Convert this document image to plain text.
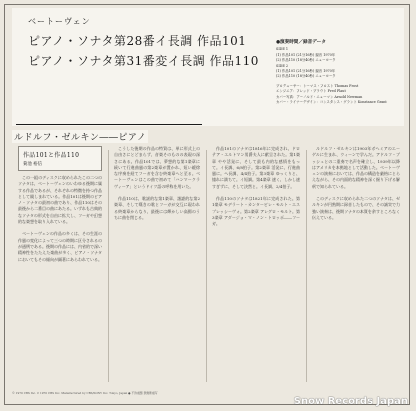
ベートーヴェン
ピアノ・ソナタ第28番イ長調 作品101
ピアノ・ソナタ第31番変イ長調 作品110
●演奏時間／録音データ
SIDE 1
(1) 作品101 (21分16秒) 録音 1970年
(2) 作品110 (18分40秒) ニューヨーク
SIDE 2
(1) 作品101 (21分16秒) 録音 1970年
(2) 作品110 (18分40秒) ニューヨーク
プロデューサー：トーマス・フロスト Thomas Frost
エンジニア：フレッド・プラウト Fred Plaut
カバー写真：アーノルド・ニューマン Arnold Newman
カバー・ライナーデザイン：コンスタンス・グラント Konstance Grant
ルドルフ・ゼルキン――ピアノ
作品101と作品110
菊池 裕信

この一組のディスクに収められたこの二つのソナタは、ベートーヴェンのいわゆる後期に属する作品であるが、それぞれの特徴を持つ作品として親しまれている。作品101は後期のピアノ・ソナタの最初の曲であり、作品110はその最後から二番目の曲にあたる。いずれも古典的なソナタの形式を自由に拡大し、フーガや幻想的な楽想を取り入れている。

ベートーヴェンの作品の多くは、その生涯の作風の変化によって三つの時期に区分されるのが通例である。後期の作品には、内省的で深い精神性をたたえた楽曲が多く、ピアノ・ソナタにおいてもその傾向が顕著にあらわれている。

こうした後期の作品の特質は、単に形式上の自由さにとどまらず、音楽そのものの表現の深さにある。作品101では、夢想的な第1楽章に続いて行進曲風の第2楽章が置かれ、短い緩徐な序奏を経てフーガを含む終楽章へと至る。ベートーヴェンはこの曲で初めて「ハンマークラヴィーア」というドイツ語の呼称を用いた。

作品110は、歌謡的な第1楽章、諧謔的な第2楽章、そして嘆きの歌とフーガが交互に現われる終楽章からなり、最後には輝かしい高揚のうちに曲を閉じる。

作品101のソナタは1816年に完成され、ドロテア・エルトマン男爵夫人に献呈された。第1楽章 やや活発に、そして最も内的な感情をもって。イ長調、6/8拍子。第2楽章 活発に、行進曲風に。ヘ長調、4/4拍子。第3楽章 ゆっくりと、憧れに満ちて。イ短調。第4楽章 速く、しかし速すぎずに、そして決然と。イ長調、2/4拍子。

作品110のソナタは1821年に完成された。第1楽章 モデラート・カンタービレ・モルト・エスプレッシーヴォ。第2楽章 アレグロ・モルト。第3楽章 アダージョ・マ・ノン・トロッポ――フーガ。

ルドルフ・ゼルキンは1903年ボヘミアのエーゲルに生まれ、ウィーンで学んだ。アドルフ・ブッシュとの二重奏で名声を確立し、1939年以降はアメリカを本拠地として活動した。ベートーヴェンの演奏においては、作品の構造を厳格にとらえながら、その内面的な精神を深く掘り下げる解釈で知られている。

このディスクに収められた二つのソナタは、ゼルキンが円熟期に録音したもので、その誠実で力強い演奏は、後期ソナタの本質を余すところなく伝えている。

© 1970 CBS Inc. ℗ 1970 CBS Inc. Manufactured by CBS/SONY Inc. Tokyo, Japan ● 不許複製 禁無断複写
Snow Records Japan
